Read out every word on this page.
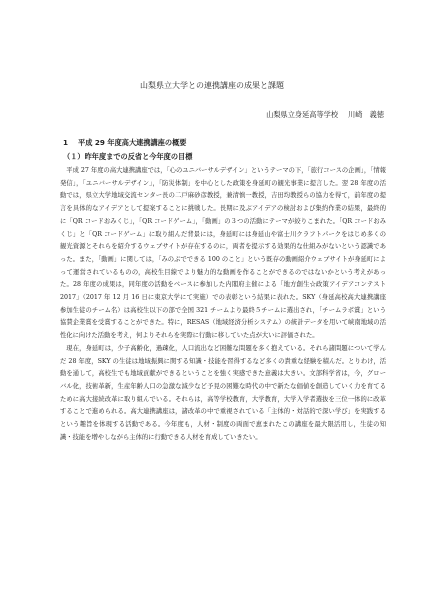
山梨県立大学との連携講座の成果と課題
山梨県立身延高等学校 川崎　義徳
1 平成 29 年度高大連携講座の概要
（１）昨年度までの反省と今年度の目標

平成 27 年度の高大連携講座では，「心のユニバーサルデザイン」というテーマの下，「旅行コースの企画」，「情報発信」，「ユニバーサルデザイン」，「防災体制」を中心とした政策を身延町の観光事業に提言した。翌 28 年度の活動では，県立大学地域交流センター長の二戸麻砂彦教授，兼清慎一教授，吉田均教授らの協力を得て，前年度の提言を具体的なアイデアとして提案することに挑戦した。長期に及ぶアイデアの検討および集約作業の結果，最終的に「QR コードおみくじ」，「QR コードゲーム」，「動画」の３つの活動にテーマが絞りこまれた。「QR コードおみくじ」と「QR コードゲーム」に取り組んだ背景には，身延町には身延山や富士川クラフトパークをはじめ多くの観光資源とそれらを紹介するウェブサイトが存在するのに，両者を提示する効果的な仕組みがないという認識であった。また，「動画」に関しては，「みのぶでできる 100 のこと」という既存の動画紹介ウェブサイトが身延町によって運営されているものの，高校生目線でより魅力的な動画を作ることができるのではないかという考えがあった。28 年度の成果は，同年度の活動をベースに参加した内閣府主催による「地方創生☆政策アイデアコンテスト 2017」（2017 年 12 月 16 日に東京大学にて実施）での表彰という結果に表れた。SKY（身延高校高大連携講座参加生徒のチーム名）は高校生以下の部で全国 321 チームより最終５チームに選出され，「チームラボ賞」という協賛企業賞を受賞することができた。特に，RESAS（地域経済分析システム）の統計データを用いて峡南地域の活性化に向けた活動を考え，何よりそれらを実際に行動に移していた点が大いに評価された。

現在，身延町は，少子高齢化，過疎化，人口流出など困難な問題を多く抱えている。それら諸問題について学んだ 28 年度，SKY の生徒は地域振興に関する知識・技能を習得するなど多くの貴重な経験を積んだ。とりわけ，活動を通して，高校生でも地域貢献ができるということを強く実感できた意義は大きい。文部科学省は，今，グローバル化，技術革新，生産年齢人口の急激な減少など予見の困難な時代の中で新たな価値を創造していく力を育てるために高大接続改革に取り組んでいる。それらは，高等学校教育，大学教育，大学入学者選抜を三位一体的に改革することで進められる。高大連携講座は，諸改革の中で重視されている「主体的・対話的で深い学び」を実践するという趣旨を体現する活動である。今年度も，人材・制度の両面で恵まれたこの講座を最大限活用し，生徒の知識・技能を増やしながら主体的に行動できる人材を育成していきたい。
